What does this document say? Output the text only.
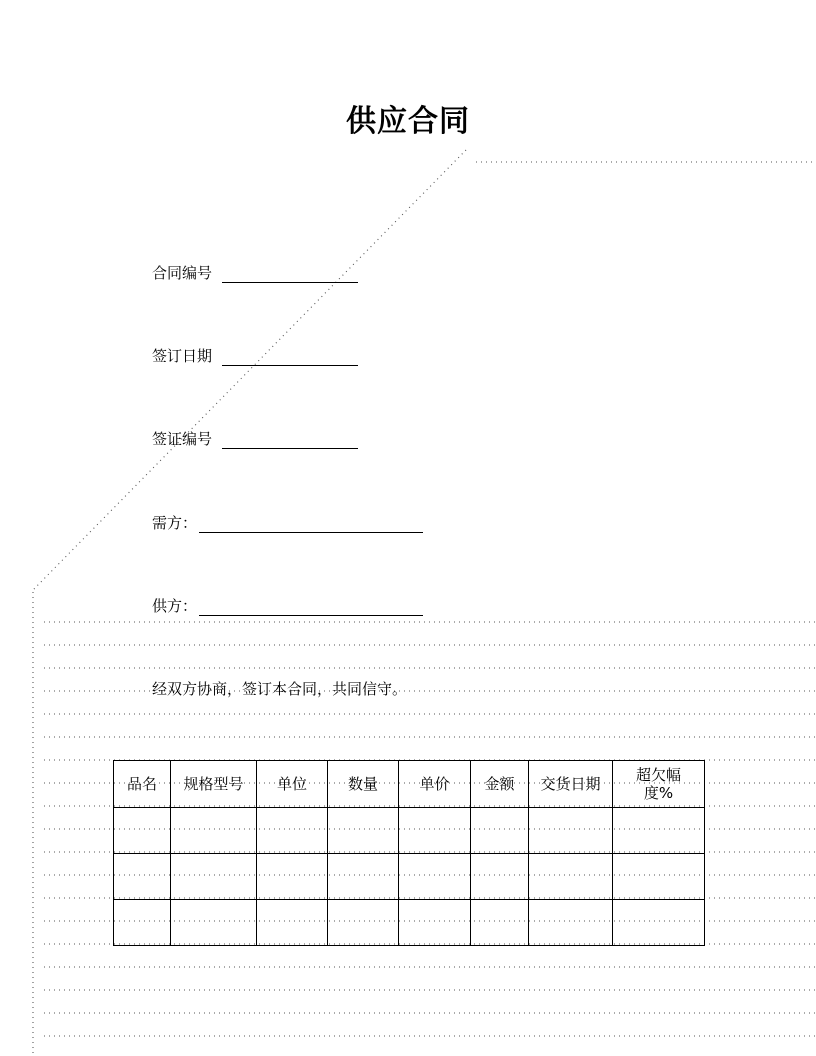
供应合同
合同编号
签订日期
签证编号
需方：
供方：
经双方协商，签订本合同，共同信守。
品名	规格型号	单位	数量	单价	金额	交货日期	超欠幅度%
